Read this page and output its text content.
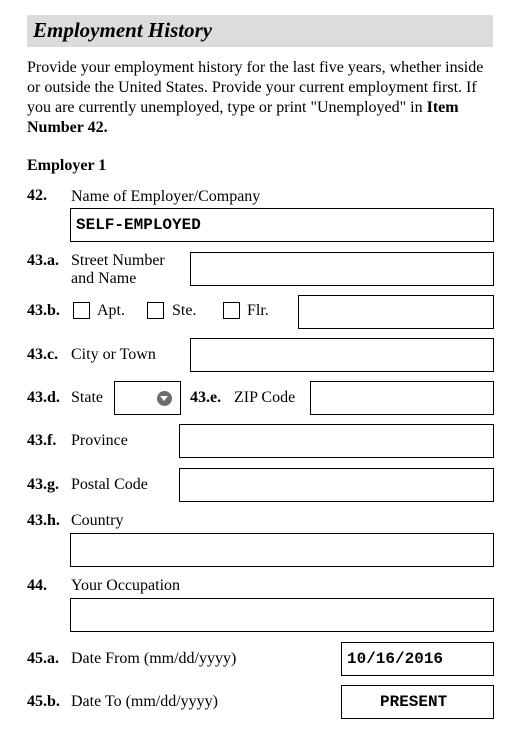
Employment History

Provide your employment history for the last five years, whether inside or outside the United States. Provide your current employment first. If you are currently unemployed, type or print "Unemployed" in Item Number 42.

Employer 1
42. Name of Employer/Company
SELF-EMPLOYED
43.a. Street Number
and Name
43.b. Apt.	Ste.	Flr.
43.c. City or Town
43.d. State	43.e. ZIP Code
43.f. Province
43.g. Postal Code
43.h. Country
44. Your Occupation
45.a. Date From (mm/dd/yyyy)	10/16/2016
45.b. Date To (mm/dd/yyyy)	PRESENT
